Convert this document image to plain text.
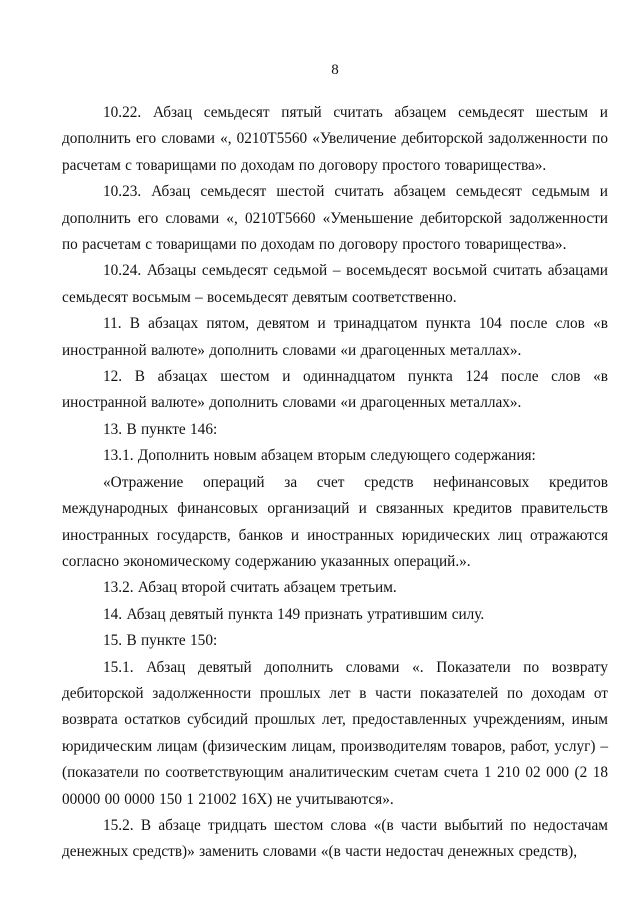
8

10.22. Абзац семьдесят пятый считать абзацем семьдесят шестым и дополнить его словами «, 0210Т5560 «Увеличение дебиторской задолженности по расчетам с товарищами по доходам по договору простого товарищества».

10.23. Абзац семьдесят шестой считать абзацем семьдесят седьмым и дополнить его словами «, 0210Т5660 «Уменьшение дебиторской задолженности по расчетам с товарищами по доходам по договору простого товарищества».

10.24. Абзацы семьдесят седьмой – восемьдесят восьмой считать абзацами семьдесят восьмым – восемьдесят девятым соответственно.

11. В абзацах пятом, девятом и тринадцатом пункта 104 после слов «в иностранной валюте» дополнить словами «и драгоценных металлах».

12. В абзацах шестом и одиннадцатом пункта 124 после слов «в иностранной валюте» дополнить словами «и драгоценных металлах».

13. В пункте 146:

13.1. Дополнить новым абзацем вторым следующего содержания:

«Отражение операций за счет средств нефинансовых кредитов международных финансовых организаций и связанных кредитов правительств иностранных государств, банков и иностранных юридических лиц отражаются согласно экономическому содержанию указанных операций.».

13.2. Абзац второй считать абзацем третьим.

14. Абзац девятый пункта 149 признать утратившим силу.

15. В пункте 150:

15.1. Абзац девятый дополнить словами «. Показатели по возврату дебиторской задолженности прошлых лет в части показателей по доходам от возврата остатков субсидий прошлых лет, предоставленных учреждениям, иным юридическим лицам (физическим лицам, производителям товаров, работ, услуг) – (показатели по соответствующим аналитическим счетам счета 1 210 02 000 (2 18 00000 00 0000 150 1 21002 16Х) не учитываются».

15.2. В абзаце тридцать шестом слова «(в части выбытий по недостачам денежных средств)» заменить словами «(в части недостач денежных средств),
